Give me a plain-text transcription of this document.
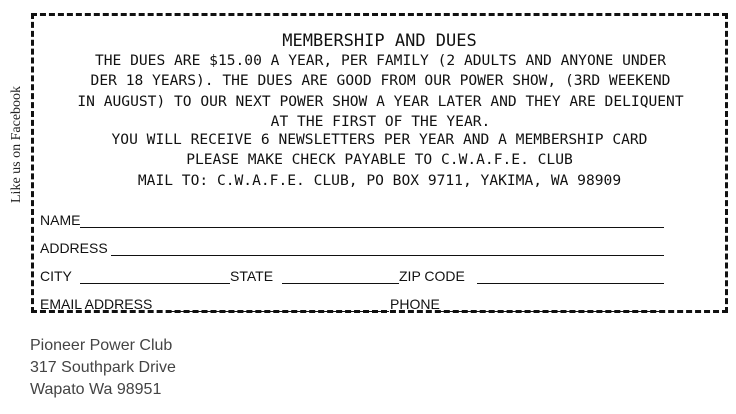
Like us on Facebook
MEMBERSHIP AND DUES
THE DUES ARE $15.00 A YEAR, PER FAMILY (2 ADULTS AND ANYONE UNDER
DER 18 YEARS). THE DUES ARE GOOD FROM OUR POWER SHOW, (3RD WEEKEND
IN AUGUST) TO OUR NEXT POWER SHOW A YEAR LATER AND THEY ARE DELIQUENT
AT THE FIRST OF THE YEAR.
YOU WILL RECEIVE 6 NEWSLETTERS PER YEAR AND A MEMBERSHIP CARD
PLEASE MAKE CHECK PAYABLE TO C.W.A.F.E. CLUB
MAIL TO: C.W.A.F.E. CLUB, PO BOX 9711, YAKIMA, WA 98909
NAME
ADDRESS
CITY	STATE	ZIP CODE
EMAIL ADDRESS	PHONE
Pioneer Power Club
317 Southpark Drive
Wapato Wa 98951
